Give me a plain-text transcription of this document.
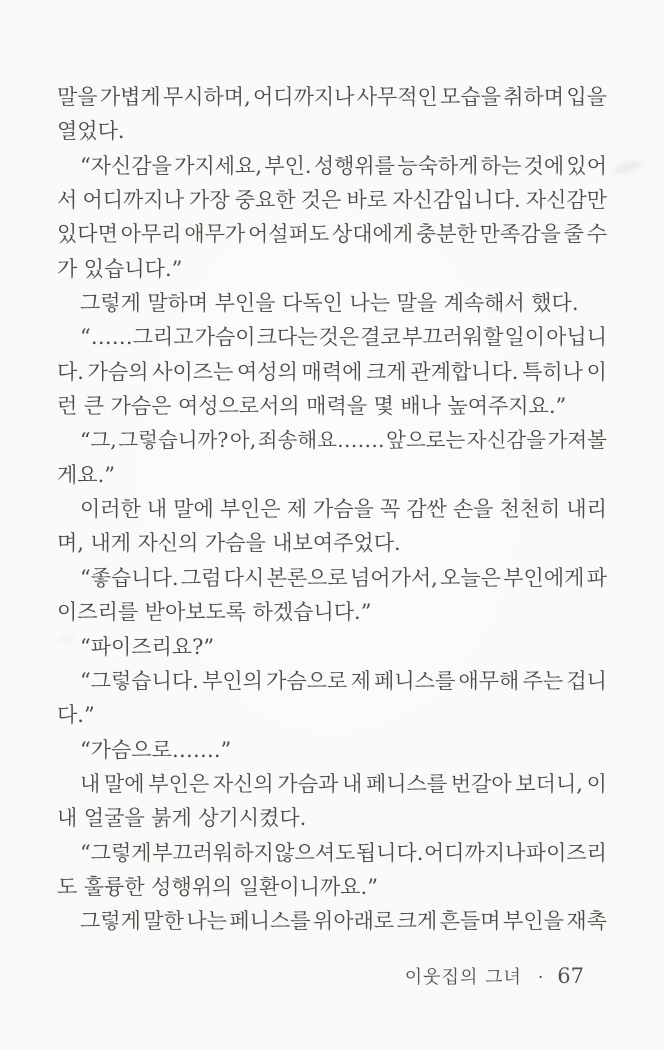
말을 가볍게 무시하며, 어디까지나 사무적인 모습을 취하며 입을
열었다.
“자신감을 가지세요, 부인. 성행위를 능숙하게 하는 것에 있어
서 어디까지나 가장 중요한 것은 바로 자신감입니다. 자신감만
있다면 아무리 애무가 어설퍼도 상대에게 충분한 만족감을 줄 수
가 있습니다.”
그렇게 말하며 부인을 다독인 나는 말을 계속해서 했다.
“……그리고 가슴이 크다는 것은 결코 부끄러워할 일이 아닙니
다. 가슴의 사이즈는 여성의 매력에 크게 관계합니다. 특히나 이
런 큰 가슴은 여성으로서의 매력을 몇 배나 높여주지요.”
“그, 그렇습니까? 아, 죄송해요……. 앞으로는 자신감을 가져볼
게요.”
이러한 내 말에 부인은 제 가슴을 꼭 감싼 손을 천천히 내리
며, 내게 자신의 가슴을 내보여주었다.
“좋습니다. 그럼 다시 본론으로 넘어가서, 오늘은 부인에게 파
이즈리를 받아보도록 하겠습니다.”
“파이즈리요?”
“그렇습니다. 부인의 가슴으로 제 페니스를 애무해 주는 겁니
다.”
“가슴으로…….”
내 말에 부인은 자신의 가슴과 내 페니스를 번갈아 보더니, 이
내 얼굴을 붉게 상기시켰다.
“그렇게 부끄러워하지 않으셔도 됩니다. 어디까지나 파이즈리
도 훌륭한 성행위의 일환이니까요.”
그렇게 말한 나는 페니스를 위아래로 크게 흔들며 부인을 재촉
이웃집의 그녀 · 67
